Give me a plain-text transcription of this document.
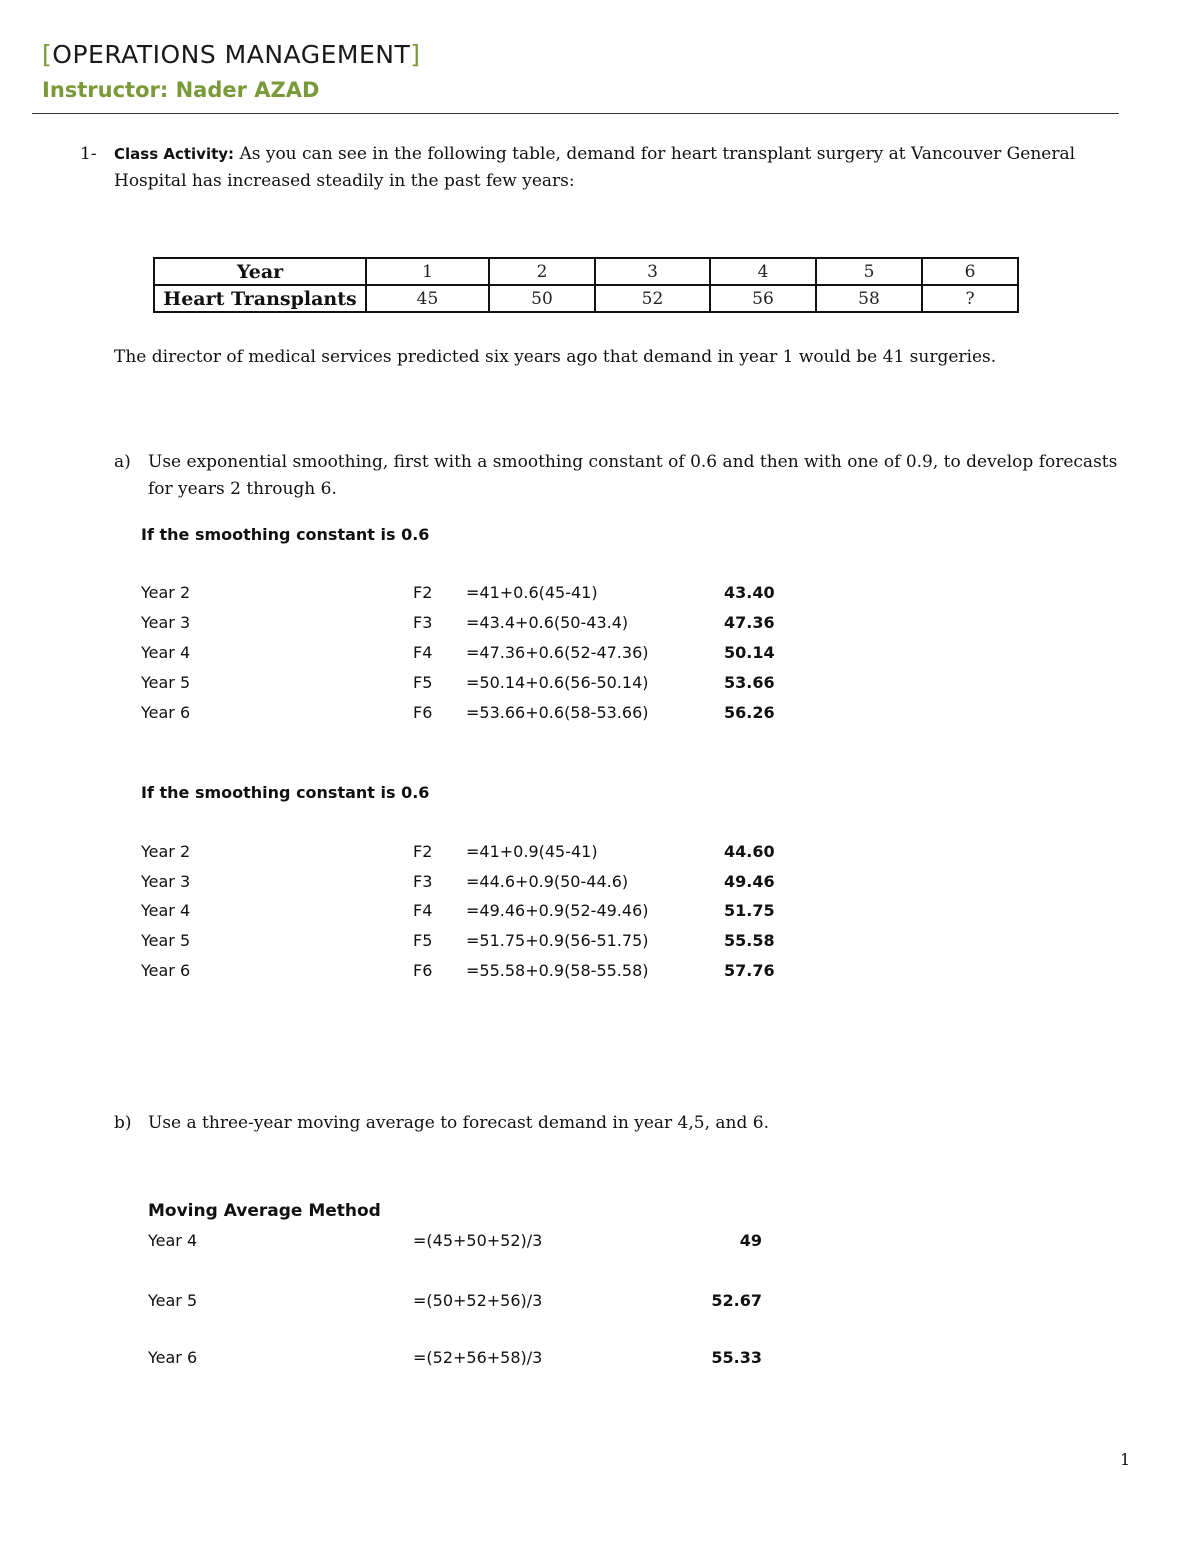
[OPERATIONS MANAGEMENT]
Instructor: Nader AZAD
1- Class Activity: As you can see in the following table, demand for heart transplant surgery at Vancouver General
Hospital has increased steadily in the past few years:
Year	1	2	3	4	5	6
Heart Transplants	45	50	52	56	58	?
The director of medical services predicted six years ago that demand in year 1 would be 41 surgeries.
a) Use exponential smoothing, first with a smoothing constant of 0.6 and then with one of 0.9, to develop forecasts
for years 2 through 6.
If the smoothing constant is 0.6
Year 2	F2 =41+0.6(45-41)	43.40
Year 3	F3 =43.4+0.6(50-43.4)	47.36
Year 4	F4 =47.36+0.6(52-47.36)	50.14
Year 5	F5 =50.14+0.6(56-50.14)	53.66
Year 6	F6 =53.66+0.6(58-53.66)	56.26
If the smoothing constant is 0.6
Year 2	F2 =41+0.9(45-41)	44.60
Year 3	F3 =44.6+0.9(50-44.6)	49.46
Year 4	F4 =49.46+0.9(52-49.46)	51.75
Year 5	F5 =51.75+0.9(56-51.75)	55.58
Year 6	F6 =55.58+0.9(58-55.58)	57.76
b) Use a three-year moving average to forecast demand in year 4,5, and 6.
Moving Average Method
Year 4	=(45+50+52)/3	49
Year 5	=(50+52+56)/3	52.67
Year 6	=(52+56+58)/3	55.33
1
